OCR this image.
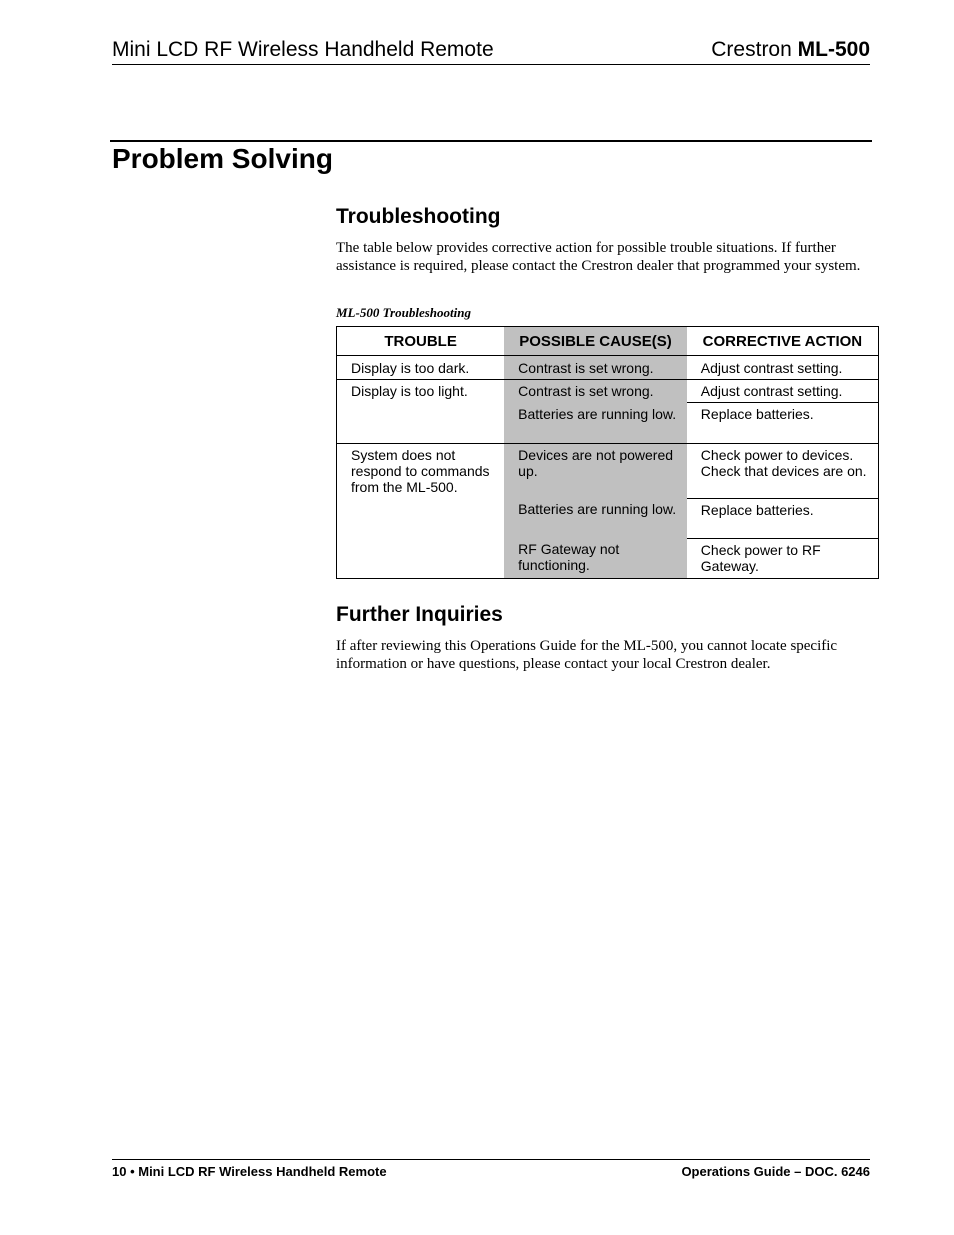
Mini LCD RF Wireless Handheld Remote	Crestron ML-500
Problem Solving
Troubleshooting

The table below provides corrective action for possible trouble situations. If further assistance is required, please contact the Crestron dealer that programmed your system.

ML-500 Troubleshooting
TROUBLE	POSSIBLE CAUSE(S)	CORRECTIVE ACTION
Display is too dark.	Contrast is set wrong.	Adjust contrast setting.
Display is too light.	Contrast is set wrong.	Adjust contrast setting.
	Batteries are running low.	Replace batteries.
System does not respond to commands from the ML-500.	Devices are not powered up.	Check power to devices. Check that devices are on.
	Batteries are running low.	Replace batteries.
	RF Gateway not functioning.	Check power to RF Gateway.
Further Inquiries

If after reviewing this Operations Guide for the ML-500, you cannot locate specific information or have questions, please contact your local Crestron dealer.

10 • Mini LCD RF Wireless Handheld Remote	Operations Guide – DOC. 6246
